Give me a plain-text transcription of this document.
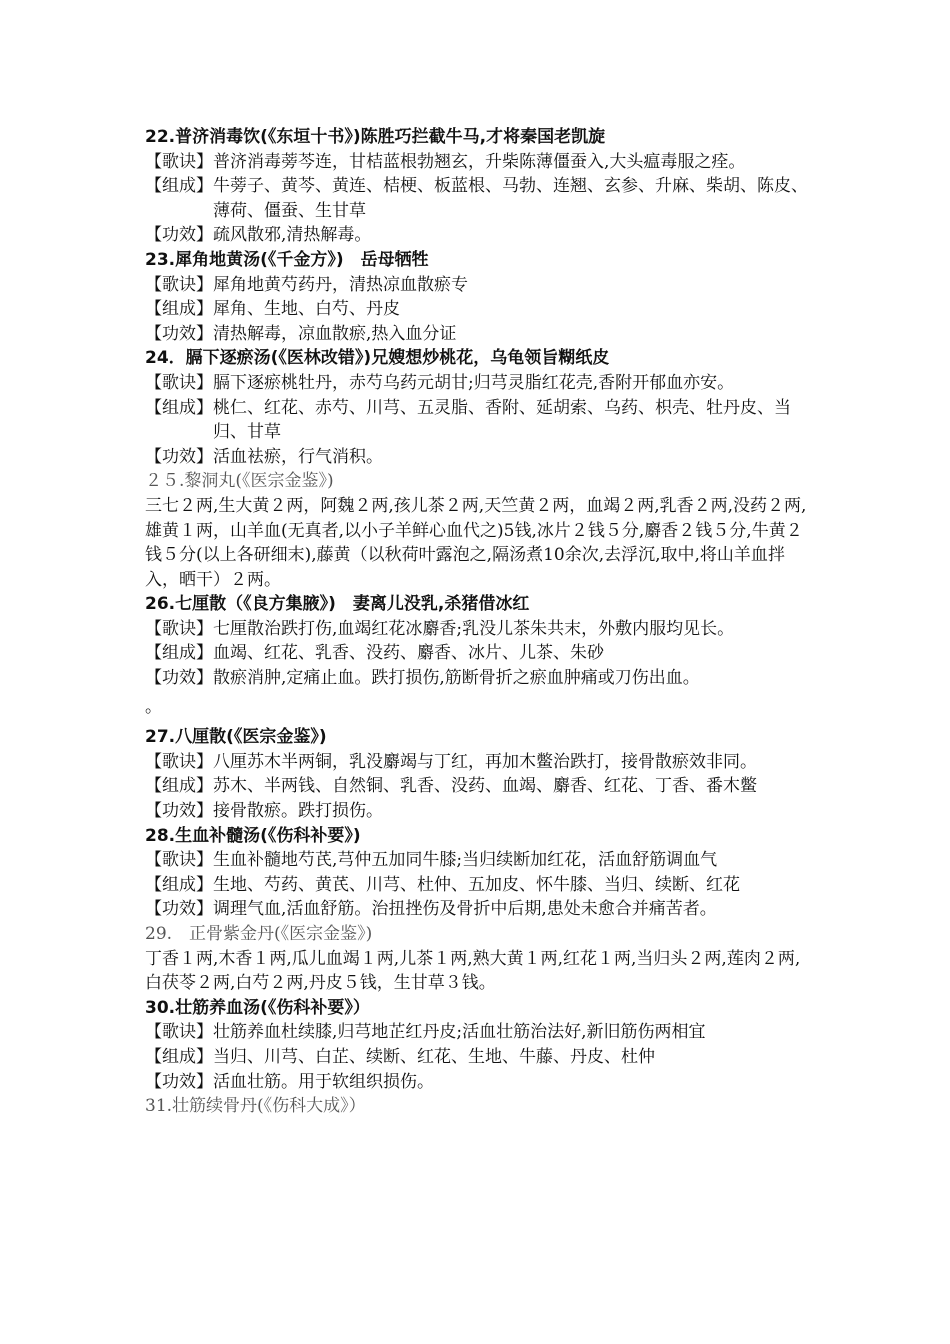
22.普济消毒饮(《东垣十书》)陈胜巧拦截牛马,才将秦国老凯旋
【歌诀】 普济消毒蒡芩连，甘桔蓝根勃翘玄，升柴陈薄僵蚕入,大头瘟毒服之痊。
【组成】 牛蒡子、黄芩、黄连、桔梗、板蓝根、马勃、连翘、玄参、升麻、柴胡、陈皮、薄荷、僵蚕、生甘草
【功效】 疏风散邪,清热解毒。
23.犀角地黄汤(《千金方》)　岳母牺牲
【歌诀】 犀角地黄芍药丹，清热凉血散瘀专
【组成】 犀角、生地、白芍、丹皮
【功效】 清热解毒，凉血散瘀,热入血分证
24．膈下逐瘀汤(《医林改错》)兄嫂想炒桃花，乌龟领旨糊纸皮
【歌诀】 膈下逐瘀桃牡丹，赤芍乌药元胡甘;归芎灵脂红花壳,香附开郁血亦安。
【组成】 桃仁、红花、赤芍、川芎、五灵脂、香附、延胡索、乌药、枳壳、牡丹皮、当归、甘草
【功效】 活血袪瘀，行气消积。
２５.黎洞丸(《医宗金鉴》)
三七２两,生大黄２两，阿魏２两,孩儿茶２两,天竺黄２两，血竭２两,乳香２两,没药２两,雄黄１两，山羊血(无真者,以小子羊鲜心血代之)5钱,冰片２钱５分,麝香２钱５分,牛黄２钱５分(以上各研细末),藤黄（以秋荷叶露泡之,隔汤煮10余次,去浮沉,取中,将山羊血拌入，晒干）２两。
26.七厘散（《良方集腋》)　妻离儿没乳,杀猪借冰红
【歌诀】七厘散治跌打伤,血竭红花冰麝香;乳没儿茶朱共末，外敷内服均见长。
【组成】 血竭、红花、乳香、没药、麝香、冰片、儿茶、朱砂
【功效】 散瘀消肿,定痛止血。跌打损伤,筋断骨折之瘀血肿痛或刀伤出血。
。
27.八厘散(《医宗金鉴》)
【歌诀】八厘苏木半两铜，乳没麝竭与丁红，再加木鳖治跌打，接骨散瘀效非同。
【组成】苏木、半两钱、自然铜、乳香、没药、血竭、麝香、红花、丁香、番木鳖
【功效】 接骨散瘀。跌打损伤。
28.生血补髓汤(《伤科补要》)
【歌诀】 生血补髓地芍芪,芎仲五加同牛膝;当归续断加红花，活血舒筋调血气
【组成】生地、芍药、黄芪、川芎、杜仲、五加皮、怀牛膝、当归、续断、红花
【功效】 调理气血,活血舒筋。治扭挫伤及骨折中后期,患处未愈合并痛苦者。
29.　正骨紫金丹(《医宗金鉴》)
丁香１两,木香１两,瓜儿血竭１两,儿茶１两,熟大黄１两,红花１两,当归头２两,莲肉２两,白茯苓２两,白芍２两,丹皮５钱，生甘草３钱。
30.壮筋养血汤(《伤科补要》）
【歌诀】 壮筋养血杜续膝,归芎地芷红丹皮;活血壮筋治法好,新旧筋伤两相宜
【组成】 当归、川芎、白芷、续断、红花、生地、牛藤、丹皮、杜仲
【功效】 活血壮筋。用于软组织损伤。
31.壮筋续骨丹(《伤科大成》）
